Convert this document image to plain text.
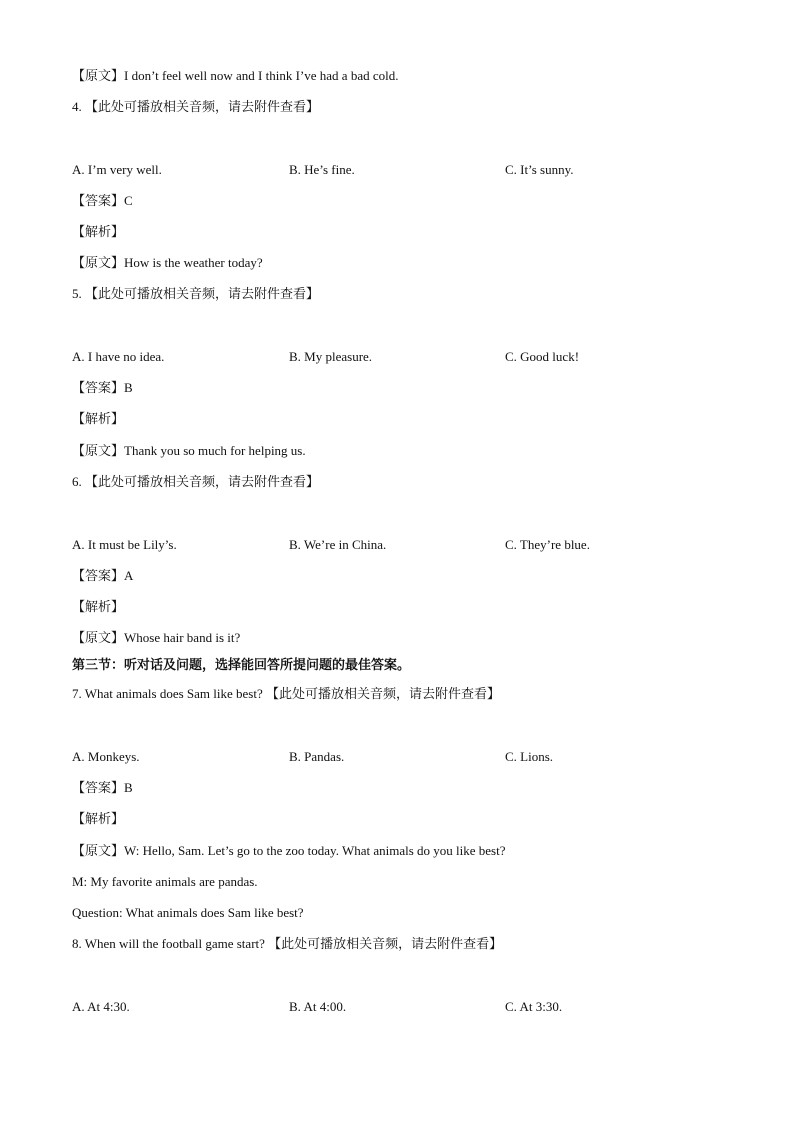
【原文】I don’t feel well now and I think I’ve had a bad cold.
4. 【此处可播放相关音频，请去附件查看】
A. I’m very well.	B. He’s fine.	C. It’s sunny.
【答案】C
【解析】
【原文】How is the weather today?
5. 【此处可播放相关音频，请去附件查看】
A. I have no idea.	B. My pleasure.	C. Good luck!
【答案】B
【解析】
【原文】Thank you so much for helping us.
6. 【此处可播放相关音频，请去附件查看】
A. It must be Lily’s.	B. We’re in China.	C. They’re blue.
【答案】A
【解析】
【原文】Whose hair band is it?
第三节：听对话及问题，选择能回答所提问题的最佳答案。
7. What animals does Sam like best? 【此处可播放相关音频，请去附件查看】
A. Monkeys.	B. Pandas.	C. Lions.
【答案】B
【解析】
【原文】W: Hello, Sam. Let’s go to the zoo today. What animals do you like best?
M: My favorite animals are pandas.
Question: What animals does Sam like best?
8. When will the football game start? 【此处可播放相关音频，请去附件查看】
A. At 4:30.	B. At 4:00.	C. At 3:30.
